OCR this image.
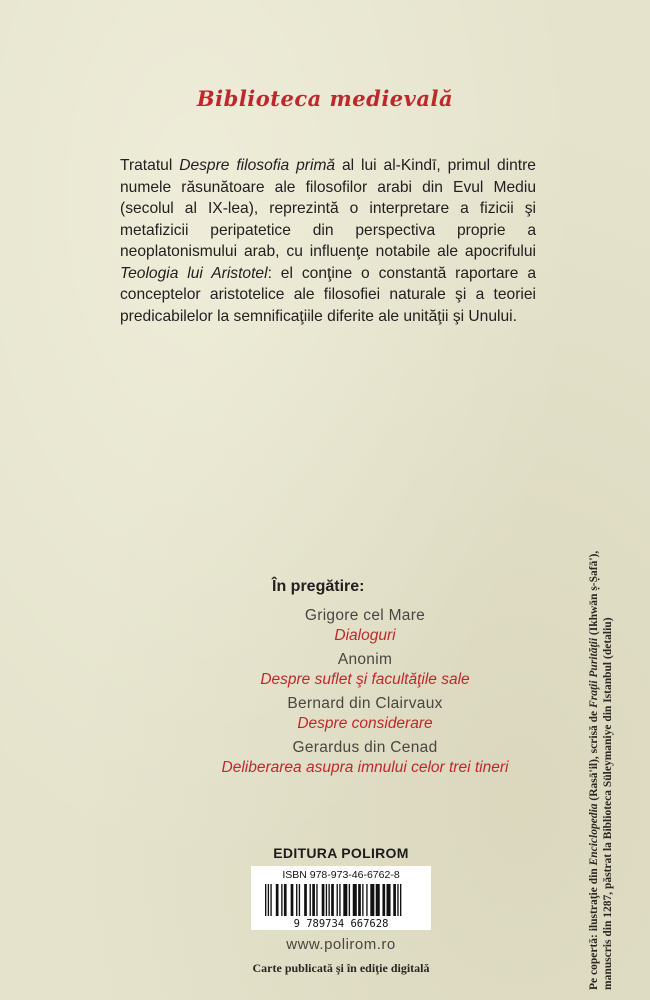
Biblioteca medievală
Tratatul Despre filosofia primă al lui al-Kindī, primul dintre numele răsunătoare ale filosofilor arabi din Evul Mediu (secolul al IX-lea), reprezintă o interpretare a fizicii şi metafizicii peripatetice din perspectiva proprie a neoplatonismului arab, cu influenţe notabile ale apocrifului Teologia lui Aristotel: el conţine o constantă raportare a conceptelor aristotelice ale filosofiei naturale şi a teoriei predicabilelor la semnificaţiile diferite ale unităţii şi Unului.
În pregătire:
Grigore cel Mare
Dialoguri
Anonim
Despre suflet şi facultăţile sale
Bernard din Clairvaux
Despre considerare
Gerardus din Cenad
Deliberarea asupra imnului celor trei tineri
EDITURA POLIROM
ISBN 978-973-46-6762-8
9 789734 667628
www.polirom.ro
Carte publicată şi în ediţie digitală	Pe copertă: ilustraţie din Enciclopedia (Rasā'il), scrisă de Fraţii Purităţii (Ikhwān ṣ-Ṣafā'),
manuscris din 1287, păstrat la Biblioteca Süleymaniye din Istanbul (detaliu)
